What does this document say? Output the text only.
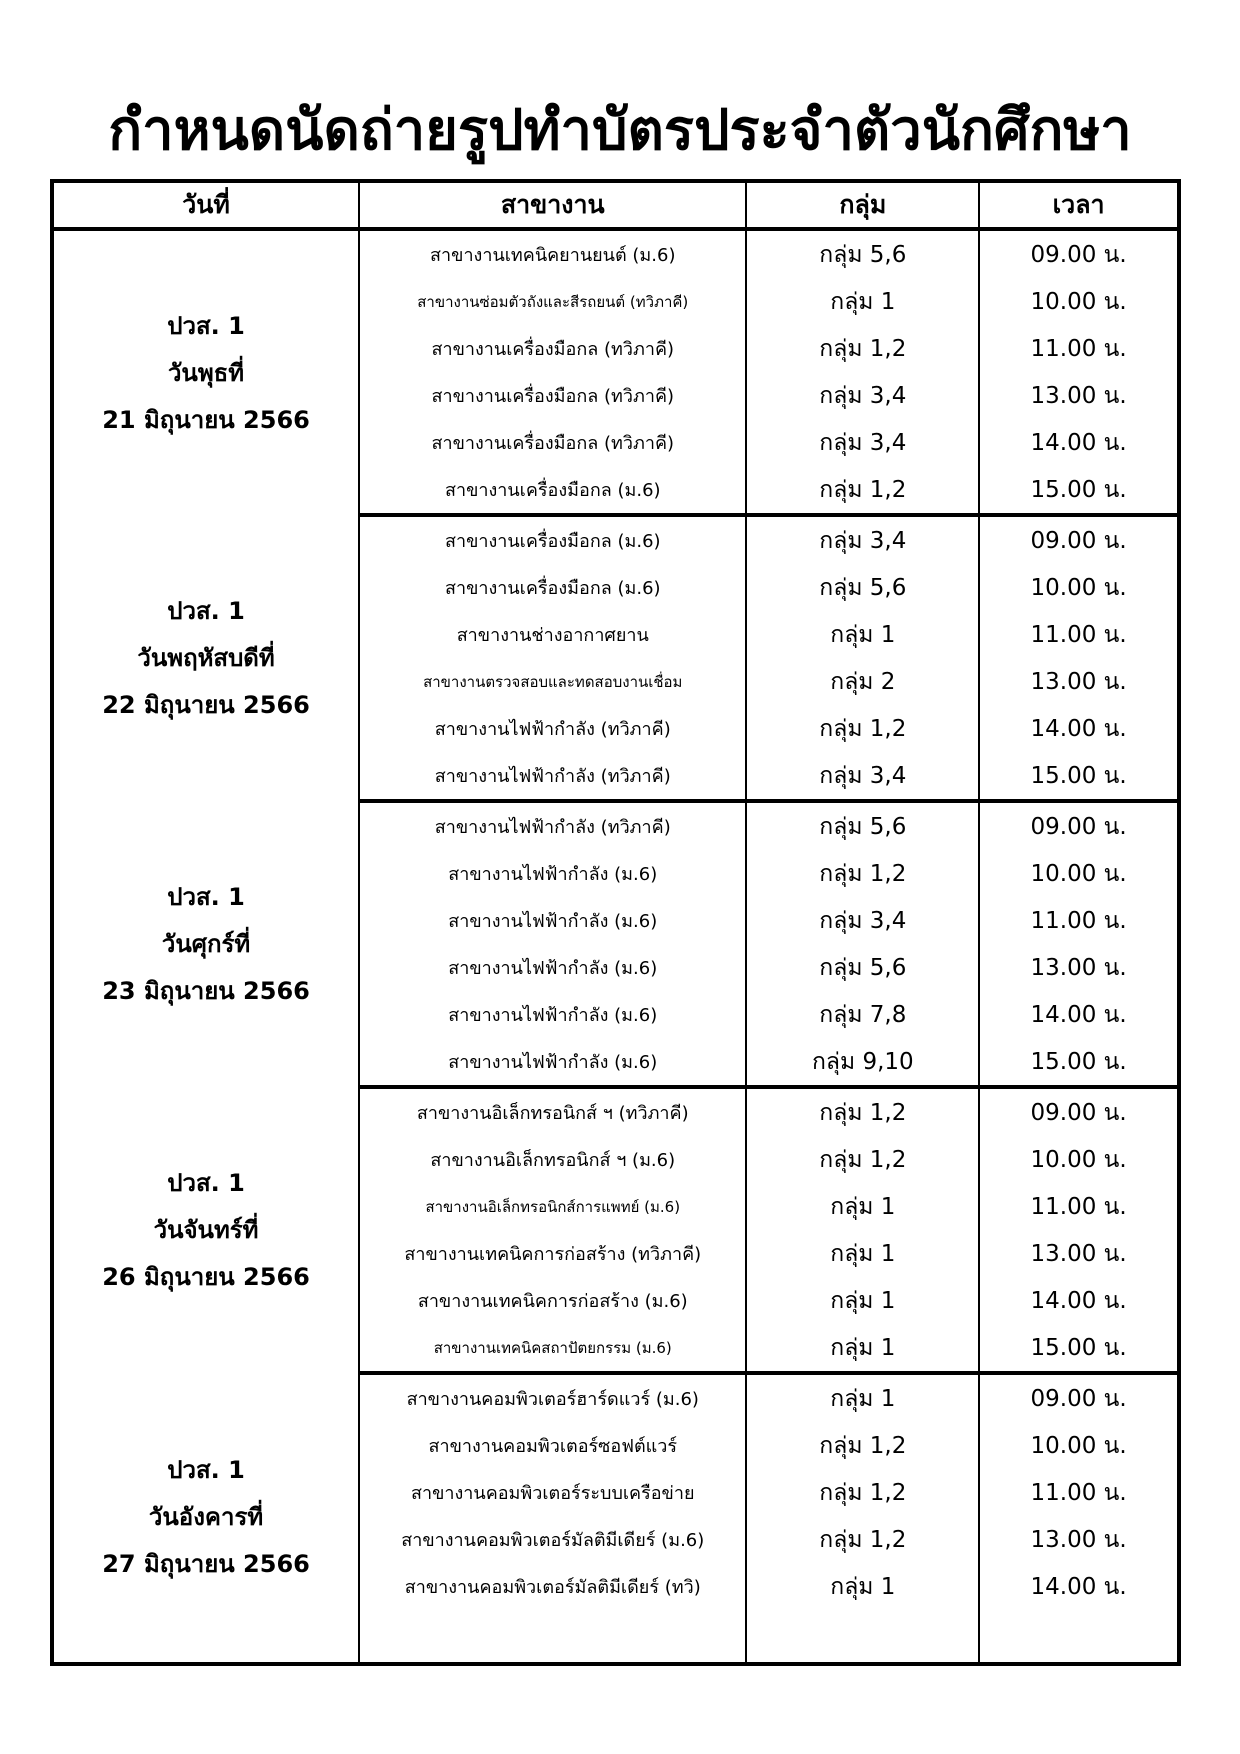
กำหนดนัดถ่ายรูปทำบัตรประจำตัวนักศึกษา
วันที่	สาขางาน	กลุ่ม	เวลา

ปวส. 1
วันพุธที่
21 มิถุนายน 2566	สาขางานเทคนิคยานยนต์ (ม.6)	กลุ่ม 5,6	09.00 น.
	สาขางานซ่อมตัวถังและสีรถยนต์ (ทวิภาคี)	กลุ่ม 1	10.00 น.
	สาขางานเครื่องมือกล (ทวิภาคี)	กลุ่ม 1,2	11.00 น.
	สาขางานเครื่องมือกล (ทวิภาคี)	กลุ่ม 3,4	13.00 น.
	สาขางานเครื่องมือกล (ทวิภาคี)	กลุ่ม 3,4	14.00 น.
	สาขางานเครื่องมือกล (ม.6)	กลุ่ม 1,2	15.00 น.

ปวส. 1
วันพฤหัสบดีที่
22 มิถุนายน 2566	สาขางานเครื่องมือกล (ม.6)	กลุ่ม 3,4	09.00 น.
	สาขางานเครื่องมือกล (ม.6)	กลุ่ม 5,6	10.00 น.
	สาขางานช่างอากาศยาน	กลุ่ม 1	11.00 น.
	สาขางานตรวจสอบและทดสอบงานเชื่อม	กลุ่ม 2	13.00 น.
	สาขางานไฟฟ้ากำลัง (ทวิภาคี)	กลุ่ม 1,2	14.00 น.
	สาขางานไฟฟ้ากำลัง (ทวิภาคี)	กลุ่ม 3,4	15.00 น.

ปวส. 1
วันศุกร์ที่
23 มิถุนายน 2566	สาขางานไฟฟ้ากำลัง (ทวิภาคี)	กลุ่ม 5,6	09.00 น.
	สาขางานไฟฟ้ากำลัง (ม.6)	กลุ่ม 1,2	10.00 น.
	สาขางานไฟฟ้ากำลัง (ม.6)	กลุ่ม 3,4	11.00 น.
	สาขางานไฟฟ้ากำลัง (ม.6)	กลุ่ม 5,6	13.00 น.
	สาขางานไฟฟ้ากำลัง (ม.6)	กลุ่ม 7,8	14.00 น.
	สาขางานไฟฟ้ากำลัง (ม.6)	กลุ่ม 9,10	15.00 น.

ปวส. 1
วันจันทร์ที่
26 มิถุนายน 2566	สาขางานอิเล็กทรอนิกส์ ฯ (ทวิภาคี)	กลุ่ม 1,2	09.00 น.
	สาขางานอิเล็กทรอนิกส์ ฯ (ม.6)	กลุ่ม 1,2	10.00 น.
	สาขางานอิเล็กทรอนิกส์การแพทย์ (ม.6)	กลุ่ม 1	11.00 น.
	สาขางานเทคนิคการก่อสร้าง (ทวิภาคี)	กลุ่ม 1	13.00 น.
	สาขางานเทคนิคการก่อสร้าง (ม.6)	กลุ่ม 1	14.00 น.
	สาขางานเทคนิคสถาปัตยกรรม (ม.6)	กลุ่ม 1	15.00 น.

ปวส. 1
วันอังคารที่
27 มิถุนายน 2566	สาขางานคอมพิวเตอร์ฮาร์ดแวร์ (ม.6)	กลุ่ม 1	09.00 น.
	สาขางานคอมพิวเตอร์ซอฟต์แวร์	กลุ่ม 1,2	10.00 น.
	สาขางานคอมพิวเตอร์ระบบเครือข่าย	กลุ่ม 1,2	11.00 น.
	สาขางานคอมพิวเตอร์มัลติมีเดียร์ (ม.6)	กลุ่ม 1,2	13.00 น.
	สาขางานคอมพิวเตอร์มัลติมีเดียร์ (ทวิ)	กลุ่ม 1	14.00 น.
